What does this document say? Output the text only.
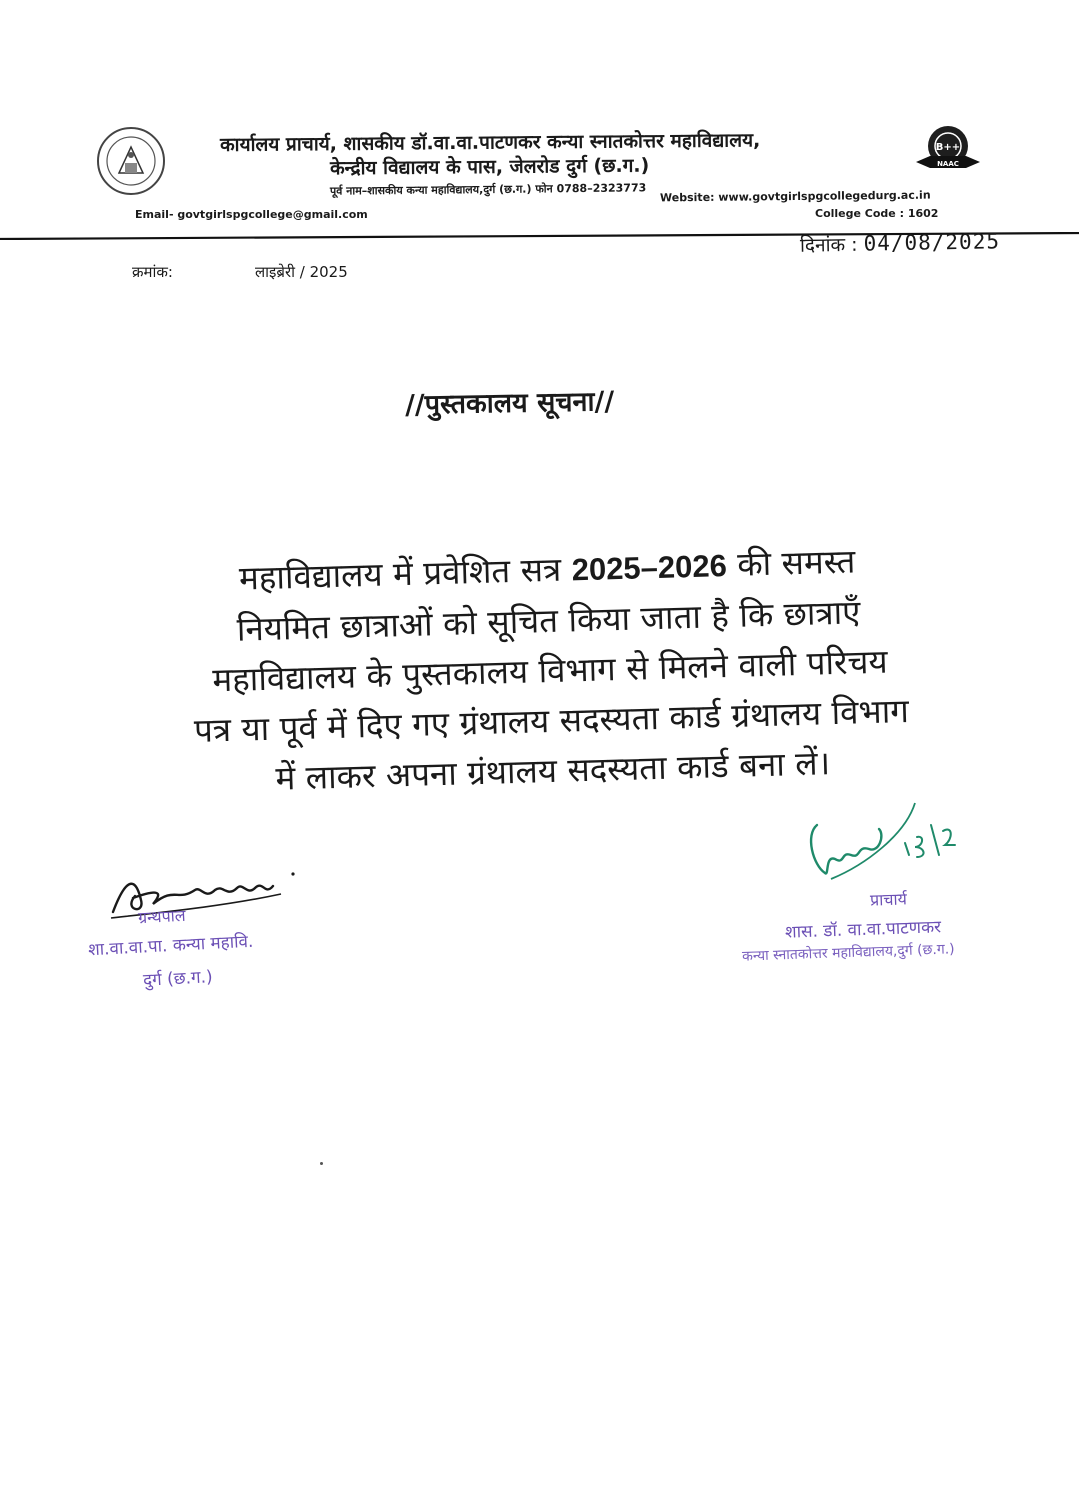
B++
NAAC
कार्यालय प्राचार्य, शासकीय डॉ.वा.वा.पाटणकर कन्या स्नातकोत्तर महाविद्यालय,
केन्द्रीय विद्यालय के पास, जेलरोड दुर्ग (छ.ग.)
पूर्व नाम–शासकीय कन्या महाविद्यालय,दुर्ग (छ.ग.) फोन 0788–2323773 Website: www.govtgirlspgcollegedurg.ac.in
Email- govtgirlspgcollege@gmail.com	College Code : 1602
दिनांक : 04/08/2025
क्रमांक:	लाइब्रेरी / 2025
//पुस्तकालय सूचना//

महाविद्यालय में प्रवेशित सत्र 2025–2026 की समस्त

नियमित छात्राओं को सूचित किया जाता है कि छात्राएँ

महाविद्यालय के पुस्तकालय विभाग से मिलने वाली परिचय

पत्र या पूर्व में दिए गए ग्रंथालय सदस्यता कार्ड ग्रंथालय विभाग

में लाकर अपना ग्रंथालय सदस्यता कार्ड बना लें।

ग्रन्थपाल
शा.वा.वा.पा. कन्या महावि.
दुर्ग (छ.ग.)
प्राचार्य
शास. डॉ. वा.वा.पाटणकर
कन्या स्नातकोत्तर महाविद्यालय,दुर्ग (छ.ग.)
